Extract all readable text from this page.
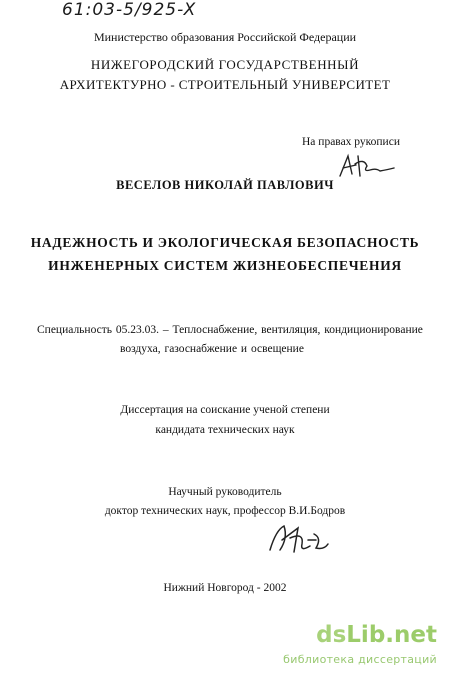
61:03-5/925-X
Министерство образования Российской Федерации
НИЖЕГОРОДСКИЙ ГОСУДАРСТВЕННЫЙ
АРХИТЕКТУРНО - СТРОИТЕЛЬНЫЙ УНИВЕРСИТЕТ
На правах рукописи
ВЕСЕЛОВ НИКОЛАЙ ПАВЛОВИЧ
НАДЕЖНОСТЬ И ЭКОЛОГИЧЕСКАЯ БЕЗОПАСНОСТЬ
ИНЖЕНЕРНЫХ СИСТЕМ ЖИЗНЕОБЕСПЕЧЕНИЯ
Специальность 05.23.03. – Теплоснабжение, вентиляция, кондиционирование
воздуха, газоснабжение и освещение
Диссертация на соискание ученой степени
кандидата технических наук
Научный руководитель
доктор технических наук, профессор В.И.Бодров
Нижний Новгород - 2002
dsLib.net
библиотека диссертаций
